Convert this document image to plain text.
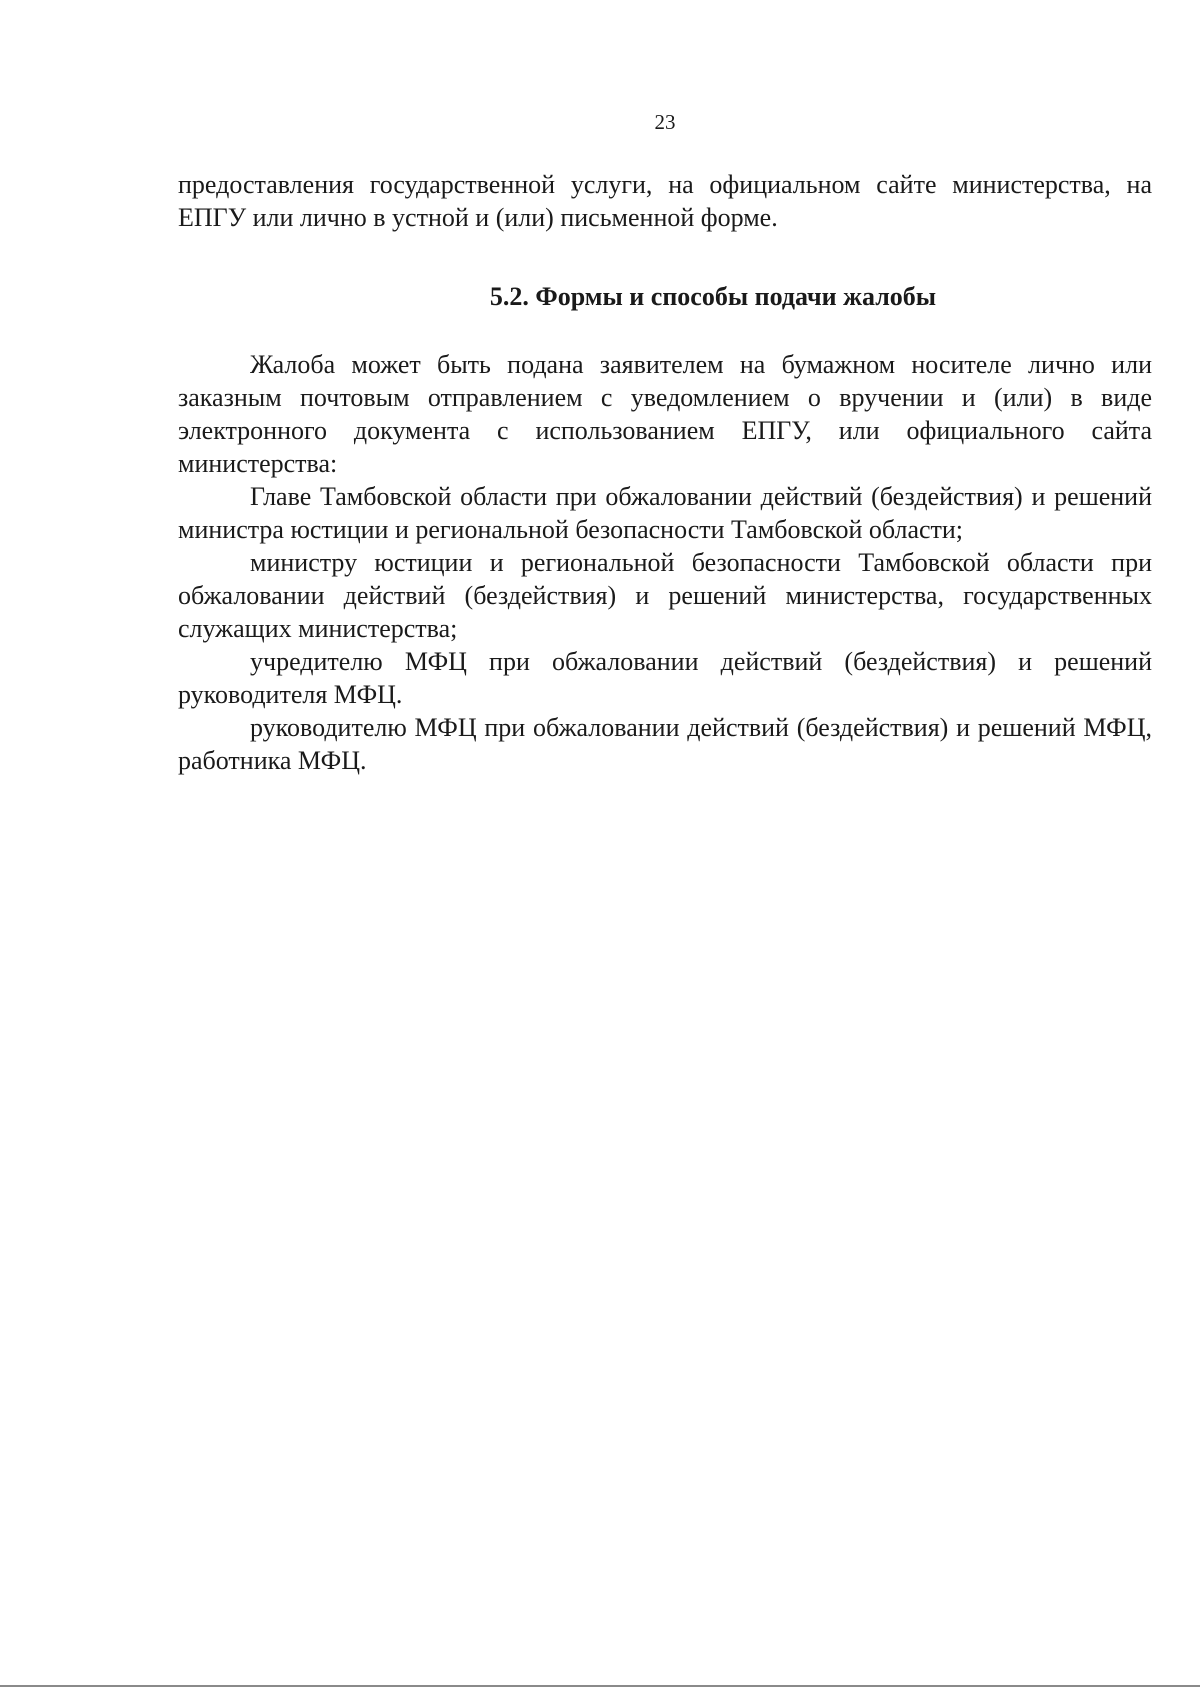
23

предоставления государственной услуги, на официальном сайте министерства, на ЕПГУ или лично в устной и (или) письменной форме.

5.2. Формы и способы подачи жалобы

Жалоба может быть подана заявителем на бумажном носителе лично или заказным почтовым отправлением с уведомлением о вручении и (или) в виде электронного документа с использованием ЕПГУ, или официального сайта министерства:

Главе Тамбовской области при обжаловании действий (бездействия) и решений министра юстиции и региональной безопасности Тамбовской области;

министру юстиции и региональной безопасности Тамбовской области при обжаловании действий (бездействия) и решений министерства, государственных служащих министерства;

учредителю МФЦ при обжаловании действий (бездействия) и решений руководителя МФЦ.

руководителю МФЦ при обжаловании действий (бездействия) и решений МФЦ, работника МФЦ.
